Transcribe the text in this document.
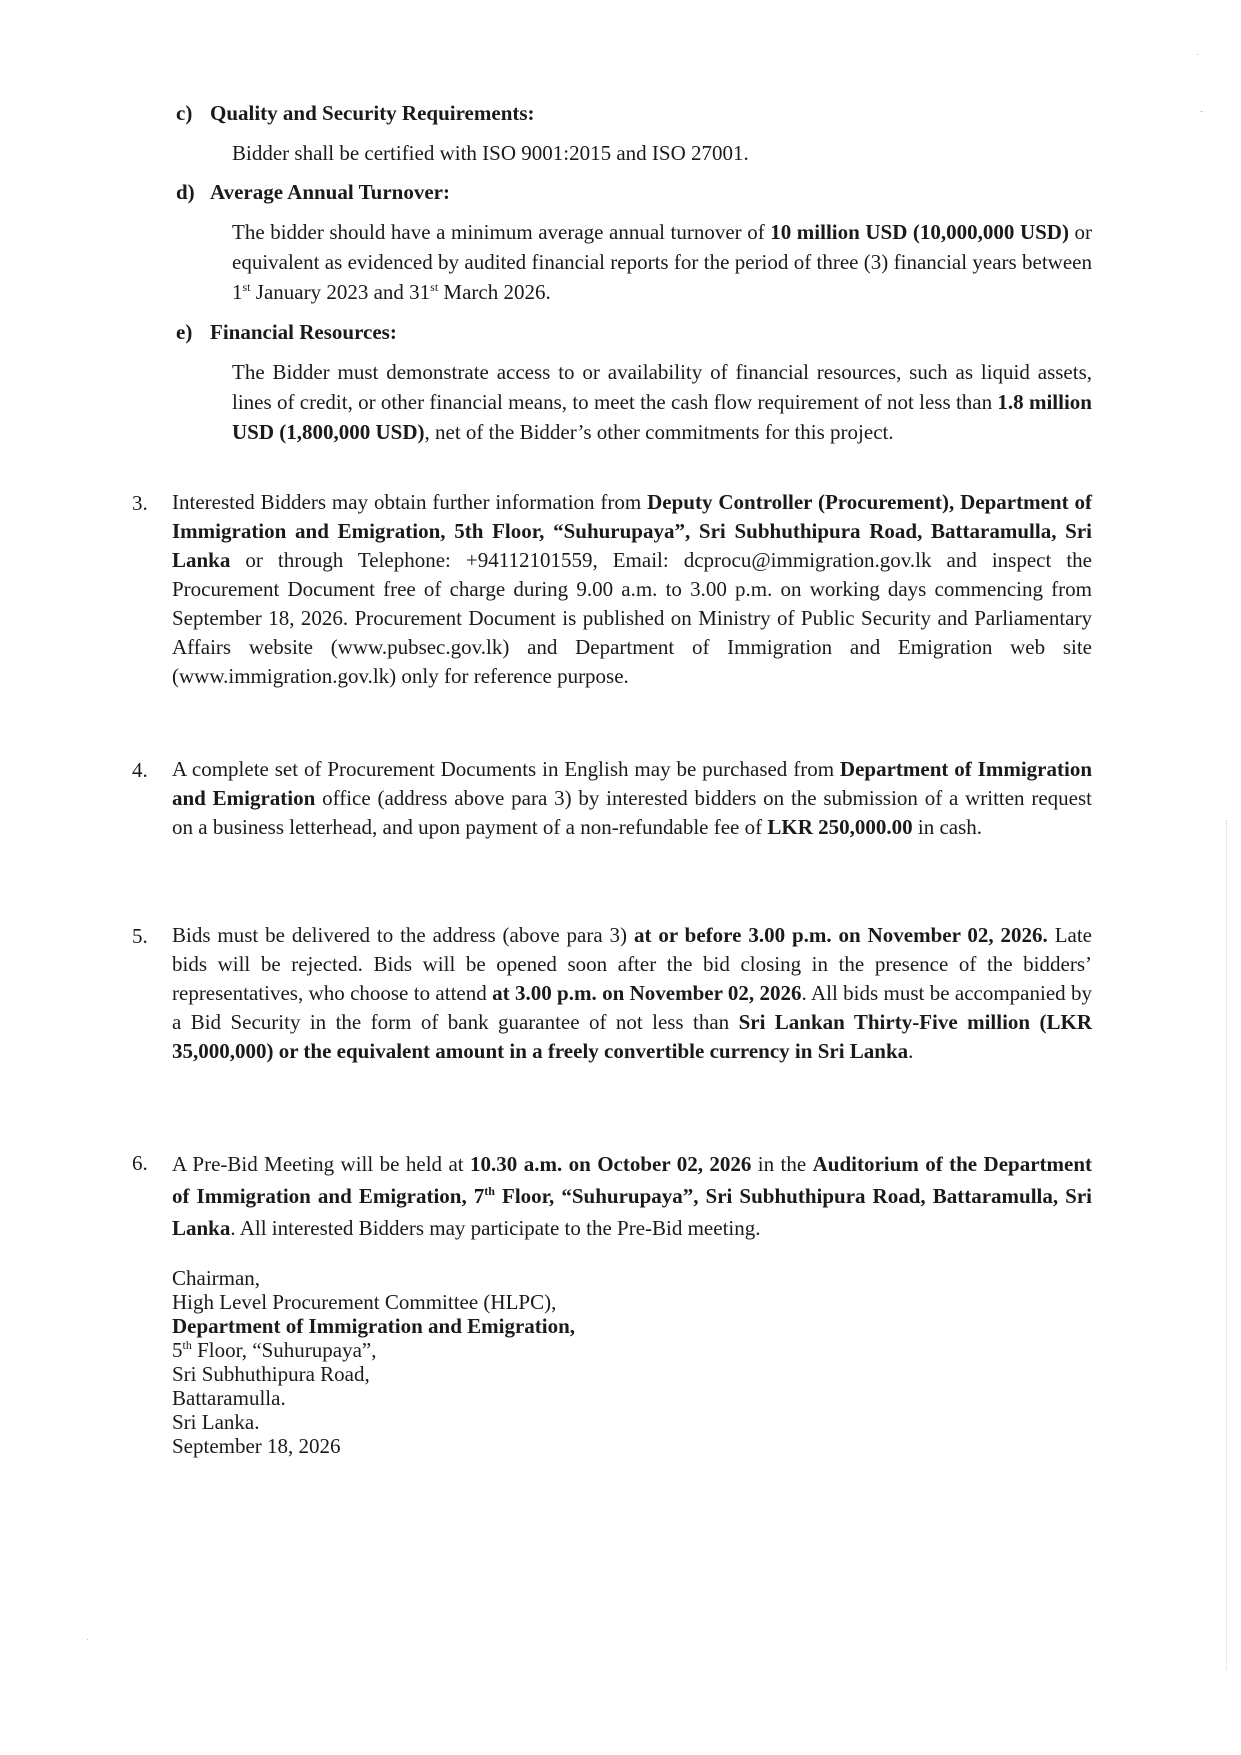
c) Quality and Security Requirements:
Bidder shall be certified with ISO 9001:2015 and ISO 27001.
d) Average Annual Turnover:
The bidder should have a minimum average annual turnover of 10 million USD (10,000,000 USD) or equivalent as evidenced by audited financial reports for the period of three (3) financial years between 1st January 2023 and 31st March 2026.
e) Financial Resources:
The Bidder must demonstrate access to or availability of financial resources, such as liquid assets, lines of credit, or other financial means, to meet the cash flow requirement of not less than 1.8 million USD (1,800,000 USD), net of the Bidder’s other commitments for this project.
3. Interested Bidders may obtain further information from Deputy Controller (Procurement), Department of Immigration and Emigration, 5th Floor, “Suhurupaya”, Sri Subhuthipura Road, Battaramulla, Sri Lanka or through Telephone: +94112101559, Email: dcprocu@immigration.gov.lk and inspect the Procurement Document free of charge during 9.00 a.m. to 3.00 p.m. on working days commencing from September 18, 2026. Procurement Document is published on Ministry of Public Security and Parliamentary Affairs website (www.pubsec.gov.lk) and Department of Immigration and Emigration web site (www.immigration.gov.lk) only for reference purpose.
4. A complete set of Procurement Documents in English may be purchased from Department of Immigration and Emigration office (address above para 3) by interested bidders on the submission of a written request on a business letterhead, and upon payment of a non-refundable fee of LKR 250,000.00 in cash.
5. Bids must be delivered to the address (above para 3) at or before 3.00 p.m. on November 02, 2026. Late bids will be rejected. Bids will be opened soon after the bid closing in the presence of the bidders’ representatives, who choose to attend at 3.00 p.m. on November 02, 2026. All bids must be accompanied by a Bid Security in the form of bank guarantee of not less than Sri Lankan Thirty-Five million (LKR 35,000,000) or the equivalent amount in a freely convertible currency in Sri Lanka.
6. A Pre-Bid Meeting will be held at 10.30 a.m. on October 02, 2026 in the Auditorium of the Department of Immigration and Emigration, 7th Floor, “Suhurupaya”, Sri Subhuthipura Road, Battaramulla, Sri Lanka. All interested Bidders may participate to the Pre-Bid meeting.
Chairman,
High Level Procurement Committee (HLPC),
Department of Immigration and Emigration,
5th Floor, “Suhurupaya”,
Sri Subhuthipura Road,
Battaramulla.
Sri Lanka.
September 18, 2026
·
-
·
